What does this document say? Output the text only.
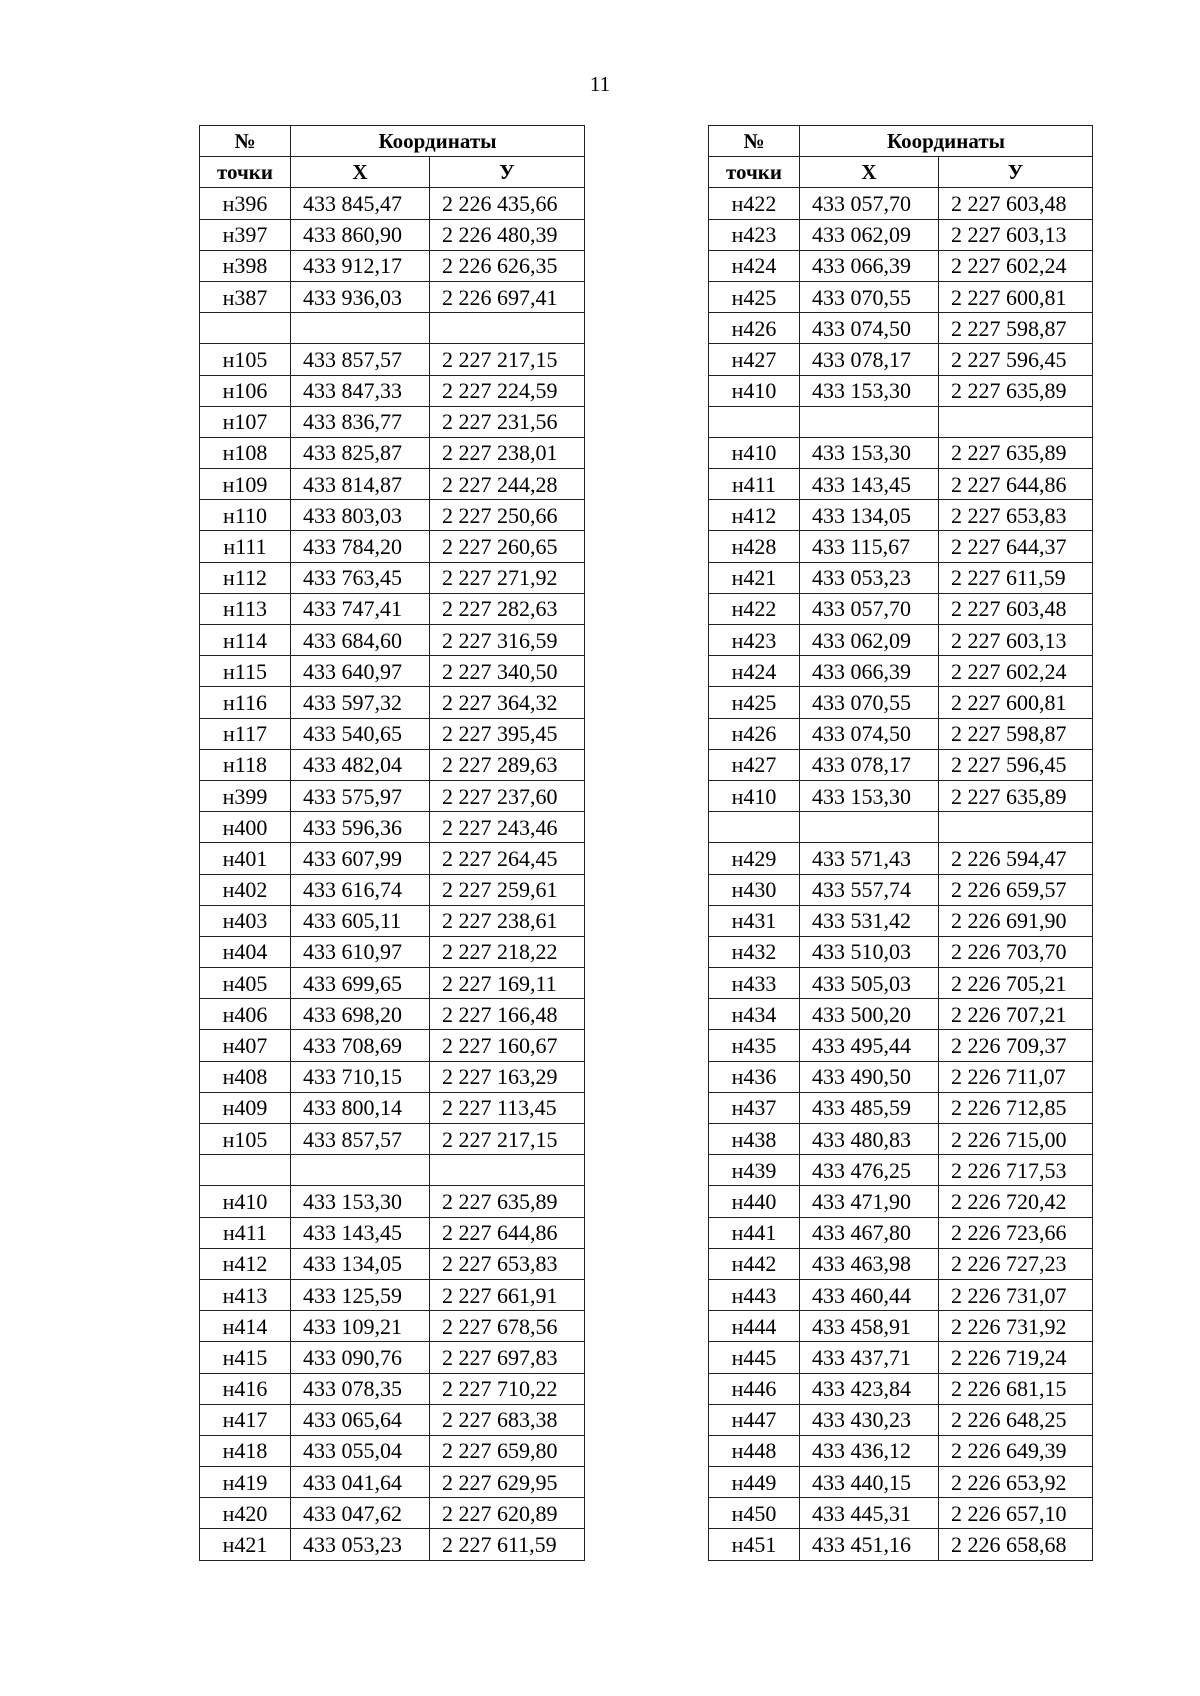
11
№	Координаты	
точки	X	У
н396	433 845,47	2 226 435,66
н397	433 860,90	2 226 480,39
н398	433 912,17	2 226 626,35
н387	433 936,03	2 226 697,41

н105	433 857,57	2 227 217,15
н106	433 847,33	2 227 224,59
н107	433 836,77	2 227 231,56
н108	433 825,87	2 227 238,01
н109	433 814,87	2 227 244,28
н110	433 803,03	2 227 250,66
н111	433 784,20	2 227 260,65
н112	433 763,45	2 227 271,92
н113	433 747,41	2 227 282,63
н114	433 684,60	2 227 316,59
н115	433 640,97	2 227 340,50
н116	433 597,32	2 227 364,32
н117	433 540,65	2 227 395,45
н118	433 482,04	2 227 289,63
н399	433 575,97	2 227 237,60
н400	433 596,36	2 227 243,46
н401	433 607,99	2 227 264,45
н402	433 616,74	2 227 259,61
н403	433 605,11	2 227 238,61
н404	433 610,97	2 227 218,22
н405	433 699,65	2 227 169,11
н406	433 698,20	2 227 166,48
н407	433 708,69	2 227 160,67
н408	433 710,15	2 227 163,29
н409	433 800,14	2 227 113,45
н105	433 857,57	2 227 217,15

н410	433 153,30	2 227 635,89
н411	433 143,45	2 227 644,86
н412	433 134,05	2 227 653,83
н413	433 125,59	2 227 661,91
н414	433 109,21	2 227 678,56
н415	433 090,76	2 227 697,83
н416	433 078,35	2 227 710,22
н417	433 065,64	2 227 683,38
н418	433 055,04	2 227 659,80
н419	433 041,64	2 227 629,95
н420	433 047,62	2 227 620,89
н421	433 053,23	2 227 611,59
№	Координаты	
точки	X	У
н422	433 057,70	2 227 603,48
н423	433 062,09	2 227 603,13
н424	433 066,39	2 227 602,24
н425	433 070,55	2 227 600,81
н426	433 074,50	2 227 598,87
н427	433 078,17	2 227 596,45
н410	433 153,30	2 227 635,89

н410	433 153,30	2 227 635,89
н411	433 143,45	2 227 644,86
н412	433 134,05	2 227 653,83
н428	433 115,67	2 227 644,37
н421	433 053,23	2 227 611,59
н422	433 057,70	2 227 603,48
н423	433 062,09	2 227 603,13
н424	433 066,39	2 227 602,24
н425	433 070,55	2 227 600,81
н426	433 074,50	2 227 598,87
н427	433 078,17	2 227 596,45
н410	433 153,30	2 227 635,89

н429	433 571,43	2 226 594,47
н430	433 557,74	2 226 659,57
н431	433 531,42	2 226 691,90
н432	433 510,03	2 226 703,70
н433	433 505,03	2 226 705,21
н434	433 500,20	2 226 707,21
н435	433 495,44	2 226 709,37
н436	433 490,50	2 226 711,07
н437	433 485,59	2 226 712,85
н438	433 480,83	2 226 715,00
н439	433 476,25	2 226 717,53
н440	433 471,90	2 226 720,42
н441	433 467,80	2 226 723,66
н442	433 463,98	2 226 727,23
н443	433 460,44	2 226 731,07
н444	433 458,91	2 226 731,92
н445	433 437,71	2 226 719,24
н446	433 423,84	2 226 681,15
н447	433 430,23	2 226 648,25
н448	433 436,12	2 226 649,39
н449	433 440,15	2 226 653,92
н450	433 445,31	2 226 657,10
н451	433 451,16	2 226 658,68
